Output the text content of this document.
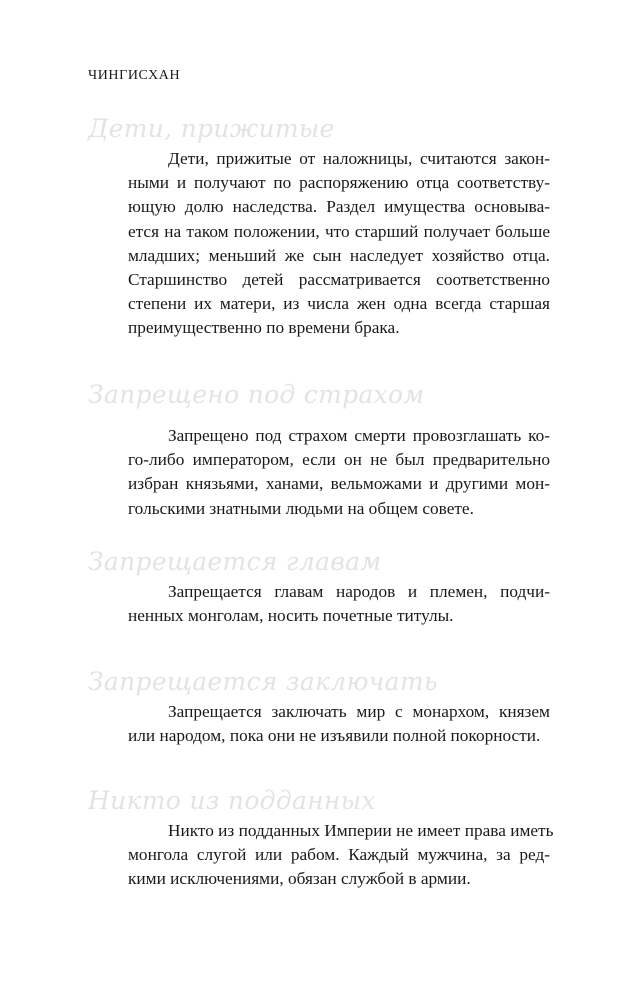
ЧИНГИСХАН
Дети, прижитые
Дети, прижитые от наложницы, считаются закон-
ными и получают по распоряжению отца соответству-
ющую долю наследства. Раздел имущества основыва-
ется на таком положении, что старший получает больше
младших; меньший же сын наследует хозяйство отца.
Старшинство детей рассматривается соответственно
степени их матери, из числа жен одна всегда старшая
преимущественно по времени брака.
Запрещено под страхом
Запрещено под страхом смерти провозглашать ко-
го-либо императором, если он не был предварительно
избран князьями, ханами, вельможами и другими мон-
гольскими знатными людьми на общем совете.
Запрещается главам
Запрещается главам народов и племен, подчи-
ненных монголам, носить почетные титулы.
Запрещается заключать
Запрещается заключать мир с монархом, князем
или народом, пока они не изъявили полной покорности.
Никто из подданных
Никто из подданных Империи не имеет права иметь
монгола слугой или рабом. Каждый мужчина, за ред-
кими исключениями, обязан службой в армии.
